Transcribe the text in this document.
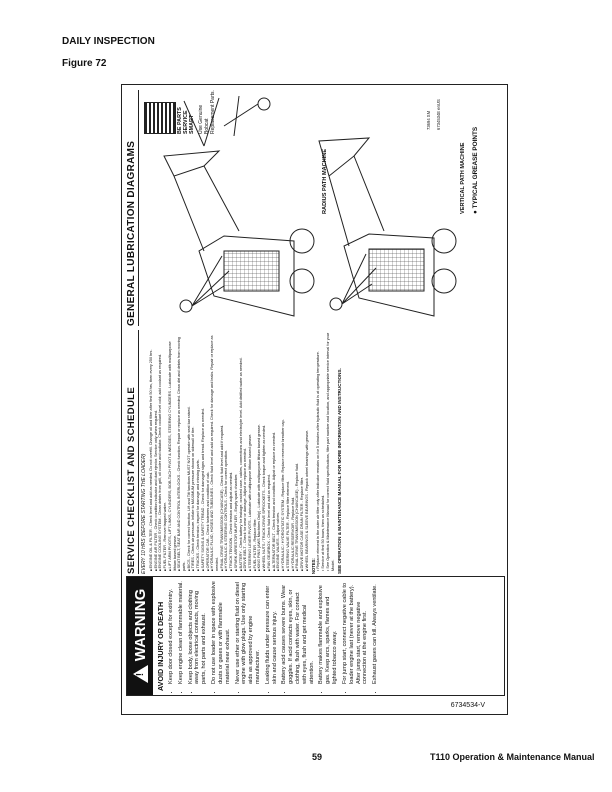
DAILY INSPECTION
Figure 72
!
WARNING	AVOID INJURY OR DEATH • Keep door closed except for exit/entry. • Keep engine clean of flammable material. • Keep body, loose objects and clothing away from electrical contacts, moving parts, hot parts and exhaust. • Do not use loader in space with explosive dusts or gases or with flammable material near exhaust. • Never use ether or starting fluid on diesel engine with glow plugs. Use only starting aids as approved by engine manufacturer. • Leaking fluids under pressure can enter skin and cause serious injury. • Battery acid causes severe burns. Wear goggles. If acid contacts eyes, skin, or clothing, flush with water. For contact with eyes, flush and get medical attention. • Battery makes flammable and explosive gas. Keep arcs, sparks, flames and lighted tobacco away. • For jump start, connect negative cable to loader engine last (never at the battery). After jump start, remove negative connection at the engine first. • Exhaust gases can kill. Always ventilate.
SERVICE CHECKLIST AND SCHEDULE EVERY 10 HRS (BEFORE STARTING THE LOADER) ■ ENGINE OIL & FILTER - Check level and add as needed. Do not overfill. Change oil and filter after first 50 hrs, then every 250 hrs. ■ ENGINE AIR FILTER - Check condition indicator and dust ejector. Service only when required. ■ ENGINE COOLING SYSTEM - Clean debris from grill, oil cooler and radiator. Check coolant level cold; add coolant as required. ■ FUEL FILTER - Remove trapped water. ■ LIFT ARM PIVOTS, LIFT LINKS, CYLINDERS, BOB-TACH PIVOT & WEDGES, STEERING CYLINDERS - Lubricate with multipurpose lithium based grease. ■ SEAT BELT, SEAT BAR AND CONTROL INTERLOCKS - Check function. Repair or replace as needed. Clean dirt and debris from moving parts. ■ BICS - Check for correct function. Lift and Tilt functions MUST NOT operate with seat bar raised. ■ TIRES - Check air pressure. Inflate to MAXIMUM pressure shown on sidewall of tire. ■ TRACKS - Check tension, inspect for damage and missing parts. ■ SAFETY SIGNS & SAFETY TREAD - Check for damaged signs and tread. Replace as needed. ■ OPERATOR CAB - Check fasteners and condition of cab. ■ HYDRAULIC FLUID, HOSES AND TUBELINES - Check fluid level and add as required. Check for damage and leaks. Repair or replace as needed. ■ FINAL DRIVE TRANSMISSION (CHAINCASE) - Check fluid level and add if required. ■ HYDRAULIC & STEERING CONTROLS - Check for correct operation. ■ TRACK TENSION - Check tension and adjust as needed. ■ SPARK ARRESTOR MUFFLER - Empty spark chamber. ■ BATTERY - Check battery for leakage, cracked case, cables, connections and electrolyte level. Add distilled water as needed. ■ DRIVE BELT - Check for wear or damage. Adjust or replace as needed. ■ STEERING LEVER PIVOTS - Lubricate with multipurpose lithium based grease. ■ FUEL FILTER - Replace filter. ■ KING PINS (AWS Machines Only) - Lubricate with multipurpose lithium based grease. ■ WHEEL NUTS / TRACK DRIVE SPROCKETS - Check torque and tighten as needed. ■ FAN GEARBOX - Check fluid level and add as required. ■ ALTERNATOR BELT - Check tension and condition. Adjust or replace as needed. ■ ENGINE VALVES - Adjust valves. ■ HYDRAULIC / HYDROSTATIC SYSTEM - Replace filter. Replace reservoir breather cap. ■ STEERING VALVE FILTER - Replace filter element. ■ HYDRAULIC RESERVOIR - Replace fluid. ■ FINAL DRIVE TRANSMISSION (CHAINCASE) - Replace fluid. ■ DRIVE MOTOR CASE DRAIN FILTER - Replace filter. ■ WHEEL BEARINGS & SLEEVE BEARINGS - Repack wheel bearings with grease. NOTES: • Replace element in the outer air filter only after indicator remains on for 5 minutes after hydraulic fluid is at operating temperature. • Service at first 50 hours, then as scheduled. • See Operation & Maintenance Manual for correct fluid specifications, filter part number and location, and appropriate service interval for your Model. SEE OPERATION & MAINTENANCE MANUAL FOR MORE INFORMATION AND INSTRUCTIONS.
GENERAL LUBRICATION DIAGRAMS	RADIUS PATH MACHINE	● TYPICAL GREASE POINTS
VERTICAL PATH MACHINE
BE PARTS SERVICE SMART Use Genuine Bobcat Replacement Parts.	73694 SM 6734534E enUS
6734534-V
59	T110 Operation & Maintenance Manual
